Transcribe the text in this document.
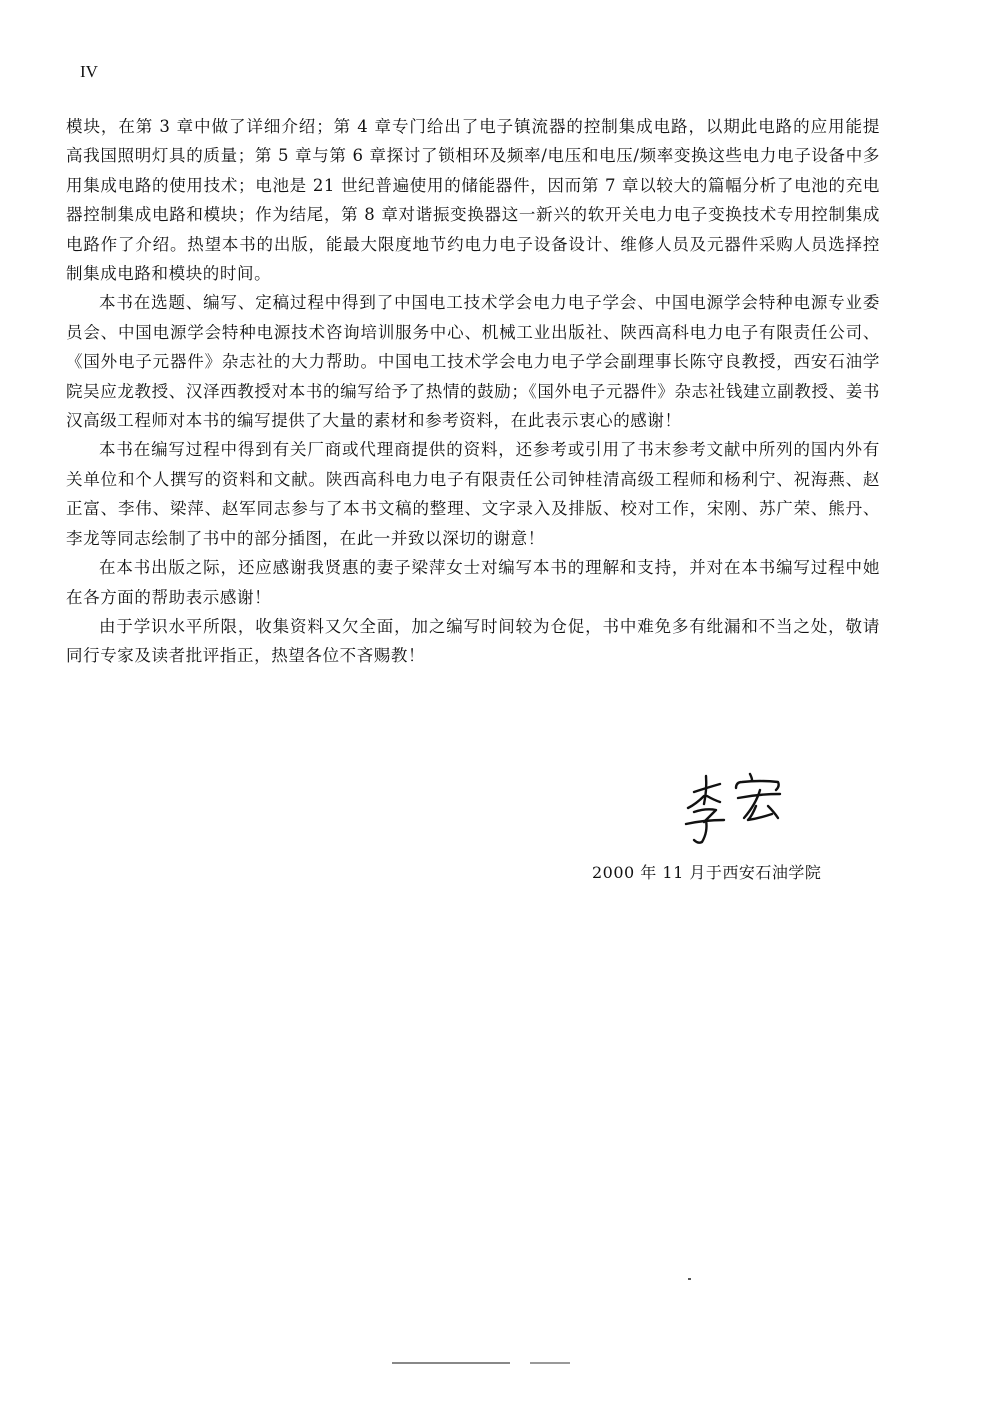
IV

模块，在第 3 章中做了详细介绍；第 4 章专门给出了电子镇流器的控制集成电路，以期此电路的应用能提高我国照明灯具的质量；第 5 章与第 6 章探讨了锁相环及频率/电压和电压/频率变换这些电力电子设备中多用集成电路的使用技术；电池是 21 世纪普遍使用的储能器件，因而第 7 章以较大的篇幅分析了电池的充电器控制集成电路和模块；作为结尾，第 8 章对谐振变换器这一新兴的软开关电力电子变换技术专用控制集成电路作了介绍。热望本书的出版，能最大限度地节约电力电子设备设计、维修人员及元器件采购人员选择控制集成电路和模块的时间。

本书在选题、编写、定稿过程中得到了中国电工技术学会电力电子学会、中国电源学会特种电源专业委员会、中国电源学会特种电源技术咨询培训服务中心、机械工业出版社、陕西高科电力电子有限责任公司、《国外电子元器件》杂志社的大力帮助。中国电工技术学会电力电子学会副理事长陈守良教授，西安石油学院吴应龙教授、汉泽西教授对本书的编写给予了热情的鼓励；《国外电子元器件》杂志社钱建立副教授、姜书汉高级工程师对本书的编写提供了大量的素材和参考资料，在此表示衷心的感谢！

本书在编写过程中得到有关厂商或代理商提供的资料，还参考或引用了书末参考文献中所列的国内外有关单位和个人撰写的资料和文献。陕西高科电力电子有限责任公司钟桂清高级工程师和杨利宁、祝海燕、赵正富、李伟、梁萍、赵军同志参与了本书文稿的整理、文字录入及排版、校对工作，宋刚、苏广荣、熊丹、李龙等同志绘制了书中的部分插图，在此一并致以深切的谢意！

在本书出版之际，还应感谢我贤惠的妻子梁萍女士对编写本书的理解和支持，并对在本书编写过程中她在各方面的帮助表示感谢！

由于学识水平所限，收集资料又欠全面，加之编写时间较为仓促，书中难免多有纰漏和不当之处，敬请同行专家及读者批评指正，热望各位不吝赐教！

2000 年 11 月于西安石油学院
